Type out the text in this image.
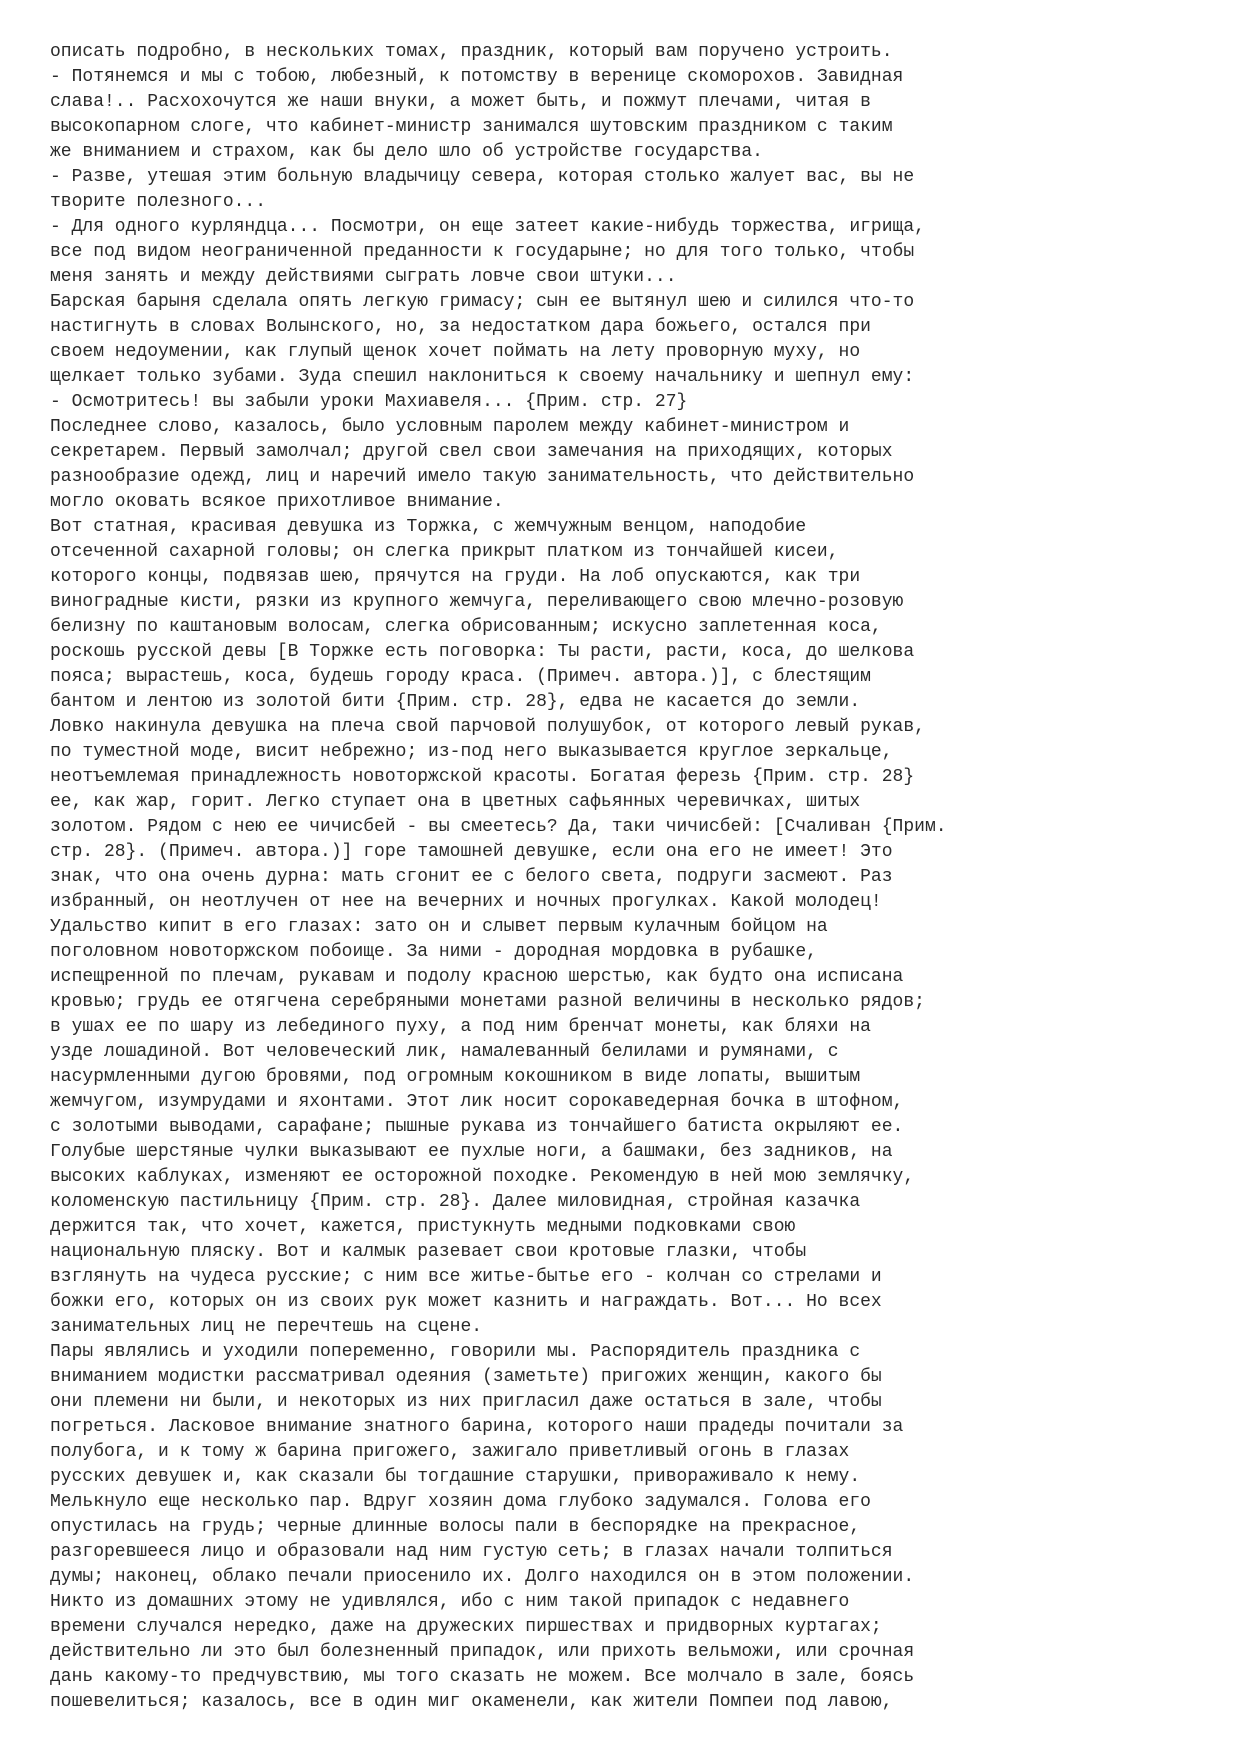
описать подробно, в нескольких томах, праздник, который вам поручено устроить.
- Потянемся и мы с тобою, любезный, к потомству в веренице скоморохов. Завидная
слава!.. Расхохочутся же наши внуки, а может быть, и пожмут плечами, читая в
высокопарном слоге, что кабинет-министр занимался шутовским праздником с таким
же вниманием и страхом, как бы дело шло об устройстве государства.
- Разве, утешая этим больную владычицу севера, которая столько жалует вас, вы не
творите полезного...
- Для одного курляндца... Посмотри, он еще затеет какие-нибудь торжества, игрища,
все под видом неограниченной преданности к государыне; но для того только, чтобы
меня занять и между действиями сыграть ловче свои штуки...
Барская барыня сделала опять легкую гримасу; сын ее вытянул шею и силился что-то
настигнуть в словах Волынского, но, за недостатком дара божьего, остался при
своем недоумении, как глупый щенок хочет поймать на лету проворную муху, но
щелкает только зубами. Зуда спешил наклониться к своему начальнику и шепнул ему:
- Осмотритесь! вы забыли уроки Махиавеля... {Прим. стр. 27}
Последнее слово, казалось, было условным паролем между кабинет-министром и
секретарем. Первый замолчал; другой свел свои замечания на приходящих, которых
разнообразие одежд, лиц и наречий имело такую занимательность, что действительно
могло оковать всякое прихотливое внимание.
Вот статная, красивая девушка из Торжка, с жемчужным венцом, наподобие
отсеченной сахарной головы; он слегка прикрыт платком из тончайшей кисеи,
которого концы, подвязав шею, прячутся на груди. На лоб опускаются, как три
виноградные кисти, рязки из крупного жемчуга, переливающего свою млечно-розовую
белизну по каштановым волосам, слегка обрисованным; искусно заплетенная коса,
роскошь русской девы [В Торжке есть поговорка: Ты расти, расти, коса, до шелкова
пояса; вырастешь, коса, будешь городу краса. (Примеч. автора.)], с блестящим
бантом и лентою из золотой бити {Прим. стр. 28}, едва не касается до земли.
Ловко накинула девушка на плеча свой парчовой полушубок, от которого левый рукав,
по тумeстной моде, висит небрежно; из-под него выказывается круглое зеркальце,
неотъемлемая принадлежность новоторжской красоты. Богатая ферезь {Прим. стр. 28}
ее, как жар, горит. Легко ступает она в цветных сафьянных черевичках, шитых
золотом. Рядом с нею ее чичисбей - вы смеетесь? Да, таки чичисбей: [Счаливан {Прим.
стр. 28}. (Примеч. автора.)] горе тамошней девушке, если она его не имеет! Это
знак, что она очень дурна: мать сгонит ее с белого света, подруги засмеют. Раз
избранный, он неотлучен от нее на вечерних и ночных прогулках. Какой молодец!
Удальство кипит в его глазах: зато он и слывет первым кулачным бойцом на
поголовном новоторжском побоище. За ними - дородная мордовка в рубашке,
испещренной по плечам, рукавам и подолу красною шерстью, как будто она исписана
кровью; грудь ее отягчена серебряными монетами разной величины в несколько рядов;
в ушах ее по шару из лебединого пуху, а под ним бренчат монеты, как бляхи на
узде лошадиной. Вот человеческий лик, намалеванный белилами и румянами, с
насурмленными дугою бровями, под огромным кокошником в виде лопаты, вышитым
жемчугом, изумрудами и яхонтами. Этот лик носит сорокаведерная бочка в штофном,
с золотыми выводами, сарафане; пышные рукава из тончайшего батиста окрыляют ее.
Голубые шерстяные чулки выказывают ее пухлые ноги, а башмаки, без задников, на
высоких каблуках, изменяют ее осторожной походке. Рекомендую в ней мою землячку,
коломенскую пастильницу {Прим. стр. 28}. Далее миловидная, стройная казачка
держится так, что хочет, кажется, пристукнуть медными подковками свою
национальную пляску. Вот и калмык разевает свои кротовые глазки, чтобы
взглянуть на чудеса русские; с ним все житье-бытье его - колчан со стрелами и
божки его, которых он из своих рук может казнить и награждать. Вот... Но всех
занимательных лиц не перечтешь на сцене.
Пары являлись и уходили попеременно, говорили мы. Распорядитель праздника с
вниманием модистки рассматривал одеяния (заметьте) пригожих женщин, какого бы
они племени ни были, и некоторых из них пригласил даже остаться в зале, чтобы
погреться. Ласковое внимание знатного барина, которого наши прадеды почитали за
полубога, и к тому ж барина пригожего, зажигало приветливый огонь в глазах
русских девушек и, как сказали бы тогдашние старушки, привораживало к нему.
Мелькнуло еще несколько пар. Вдруг хозяин дома глубоко задумался. Голова его
опустилась на грудь; черные длинные волосы пали в беспорядке на прекрасное,
разгоревшееся лицо и образовали над ним густую сеть; в глазах начали толпиться
думы; наконец, облако печали приосенило их. Долго находился он в этом положении.
Никто из домашних этому не удивлялся, ибо с ним такой припадок с недавнего
времени случался нередко, даже на дружеских пиршествах и придворных куртагах;
действительно ли это был болезненный припадок, или прихоть вельможи, или срочная
дань какому-то предчувствию, мы того сказать не можем. Все молчало в зале, боясь
пошевелиться; казалось, все в один миг окаменели, как жители Помпеи под лавою,
